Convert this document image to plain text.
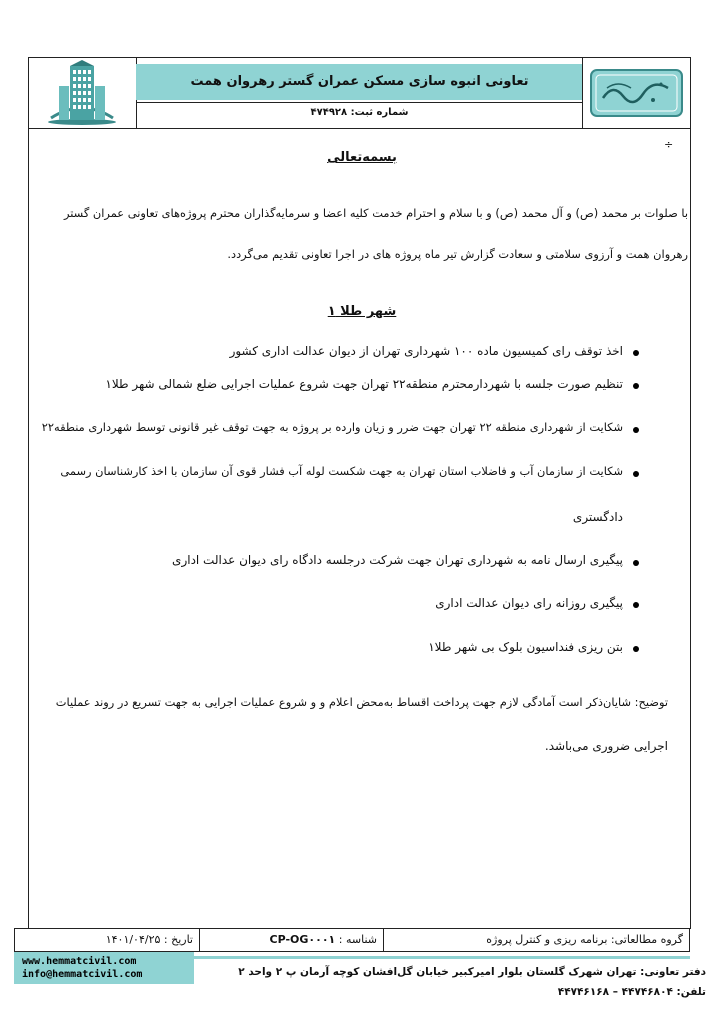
تعاونی انبوه سازی مسکن عمران گستر رهروان همت
شماره ثبت: ۴۷۴۹۲۸
÷
بسمه‌تعالی
با صلوات بر محمد (ص) و آل محمد (ص) و با سلام و احترام خدمت کلیه اعضا و سرمایه‌گذاران محترم پروژه‌های تعاونی عمران گستر
رهروان همت و آرزوی سلامتی و سعادت گزارش تیر ماه پروژه های در اجرا تعاونی تقدیم می‌گردد.
شهر طلا ۱
اخذ توقف رای کمیسیون ماده ۱۰۰ شهرداری تهران از دیوان عدالت اداری کشور
تنظیم صورت جلسه با شهردارمحترم منطقه۲۲ تهران جهت شروع عملیات اجرایی ضلع شمالی شهر طلا۱
شکایت از شهرداری منطقه ۲۲ تهران جهت ضرر و زیان وارده بر پروژه به جهت توقف غیر قانونی توسط شهرداری منطقه۲۲
شکایت از سازمان آب و فاضلاب استان تهران به جهت شکست لوله آب فشار قوی آن سازمان با اخذ کارشناسان رسمی
دادگستری
پیگیری ارسال نامه به شهرداری تهران جهت شرکت درجلسه دادگاه رای دیوان عدالت اداری
پیگیری روزانه رای دیوان عدالت اداری
بتن ریزی فنداسیون بلوک بی شهر طلا۱
توضیح: شایان‌ذکر است آمادگی لازم جهت پرداخت اقساط به‌محض اعلام و و شروع عملیات اجرایی به جهت تسریع در روند عملیات
اجرایی ضروری می‌باشد.
گروه مطالعاتی: برنامه ریزی و کنترل پروژه
شناسه : CP-OG۰۰۰۱
تاریخ : ۱۴۰۱/۰۴/۲۵
www.hemmatcivil.com
info@hemmatcivil.com	دفتر تعاونی: تهران شهرک گلستان بلوار امیرکبیر خیابان گل‌افشان کوچه آرمان پ ۲ واحد ۲
تلفن: ۴۴۷۴۶۸۰۴ – ۴۴۷۴۶۱۶۸
